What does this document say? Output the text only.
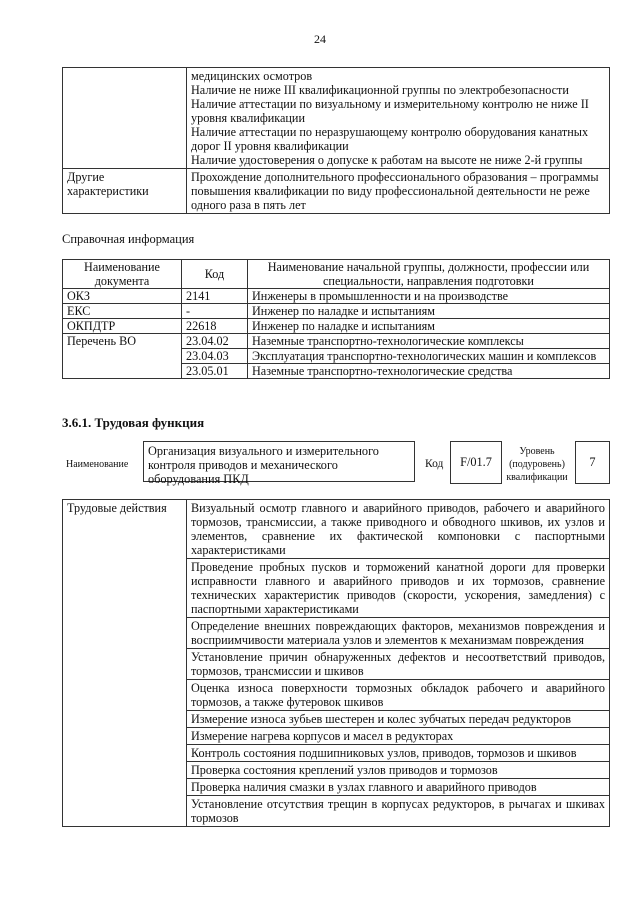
24

	медицинских осмотров
Наличие не ниже III квалификационной группы по электробезопасности
Наличие аттестации по визуальному и измерительному контролю не ниже II уровня квалификации
Наличие аттестации по неразрушающему контролю оборудования канатных дорог II уровня квалификации
Наличие удостоверения о допуске к работам на высоте не ниже 2-й группы

Другие характеристики	Прохождение дополнительного профессионального образования – программы повышения квалификации по виду профессиональной деятельности не реже одного раза в пять лет
Справочная информация
Наименование документа	Код	Наименование начальной группы, должности, профессии или специальности, направления подготовки
ОКЗ	2141	Инженеры в промышленности и на производстве
ЕКС	-	Инженер по наладке и испытаниям
ОКПДТР	22618	Инженер по наладке и испытаниям
Перечень ВО	23.04.02	Наземные транспортно-технологические комплексы
	23.04.03	Эксплуатация транспортно-технологических машин и комплексов
	23.05.01	Наземные транспортно-технологические средства
3.6.1. Трудовая функция
Наименование
Организация визуального и измерительного контроля приводов и механического оборудования ПКД
Код	F/01.7
Уровень (подуровень) квалификации
7
Трудовые действия	Визуальный осмотр главного и аварийного приводов, рабочего и аварийного тормозов, трансмиссии, а также приводного и обводного шкивов, их узлов и элементов, сравнение их фактической компоновки с паспортными характеристиками
Проведение пробных пусков и торможений канатной дороги для проверки исправности главного и аварийного приводов и их тормозов, сравнение технических характеристик приводов (скорости, ускорения, замедления) с паспортными характеристиками
Определение внешних повреждающих факторов, механизмов повреждения и восприимчивости материала узлов и элементов к механизмам повреждения
Установление причин обнаруженных дефектов и несоответствий приводов, тормозов, трансмиссии и шкивов
Оценка износа поверхности тормозных обкладок рабочего и аварийного тормозов, а также футеровок шкивов
Измерение износа зубьев шестерен и колес зубчатых передач редукторов
Измерение нагрева корпусов и масел в редукторах
Контроль состояния подшипниковых узлов, приводов, тормозов и шкивов
Проверка состояния креплений узлов приводов и тормозов
Проверка наличия смазки в узлах главного и аварийного приводов
Установление отсутствия трещин в корпусах редукторов, в рычагах и шкивах тормозов
